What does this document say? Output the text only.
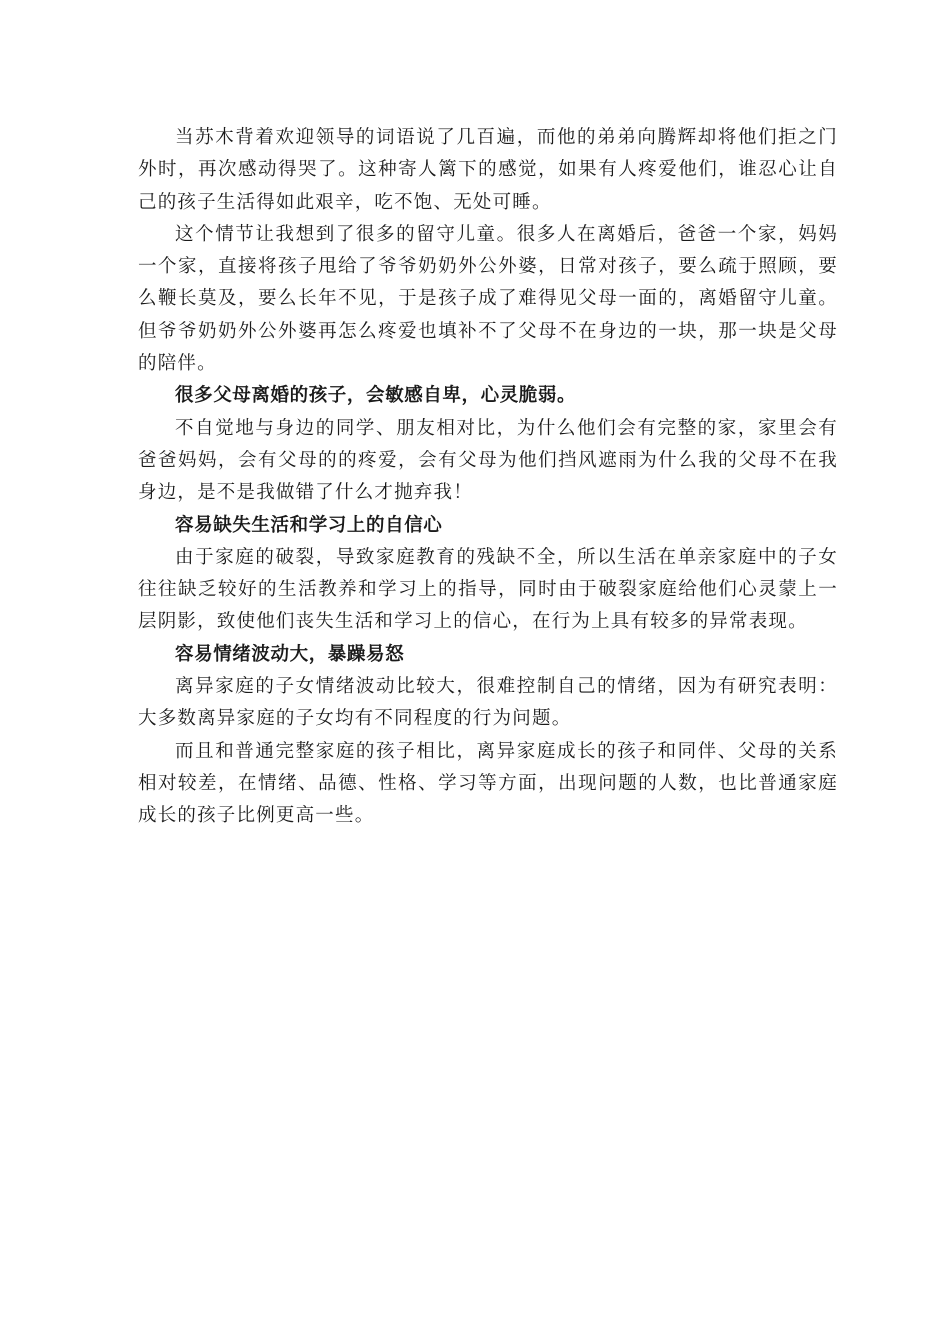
当苏木背着欢迎领导的词语说了几百遍，而他的弟弟向腾辉却将他们拒之门外时，再次感动得哭了。这种寄人篱下的感觉，如果有人疼爱他们，谁忍心让自己的孩子生活得如此艰辛，吃不饱、无处可睡。

这个情节让我想到了很多的留守儿童。很多人在离婚后，爸爸一个家，妈妈一个家，直接将孩子甩给了爷爷奶奶外公外婆，日常对孩子，要么疏于照顾，要么鞭长莫及，要么长年不见，于是孩子成了难得见父母一面的，离婚留守儿童。但爷爷奶奶外公外婆再怎么疼爱也填补不了父母不在身边的一块，那一块是父母的陪伴。

很多父母离婚的孩子，会敏感自卑，心灵脆弱。

不自觉地与身边的同学、朋友相对比，为什么他们会有完整的家，家里会有爸爸妈妈，会有父母的的疼爱，会有父母为他们挡风遮雨为什么我的父母不在我身边，是不是我做错了什么才抛弃我！

容易缺失生活和学习上的自信心

由于家庭的破裂，导致家庭教育的残缺不全，所以生活在单亲家庭中的子女往往缺乏较好的生活教养和学习上的指导，同时由于破裂家庭给他们心灵蒙上一层阴影，致使他们丧失生活和学习上的信心，在行为上具有较多的异常表现。

容易情绪波动大，暴躁易怒

离异家庭的子女情绪波动比较大，很难控制自己的情绪，因为有研究表明：大多数离异家庭的子女均有不同程度的行为问题。

而且和普通完整家庭的孩子相比，离异家庭成长的孩子和同伴、父母的关系相对较差，在情绪、品德、性格、学习等方面，出现问题的人数，也比普通家庭成长的孩子比例更高一些。
